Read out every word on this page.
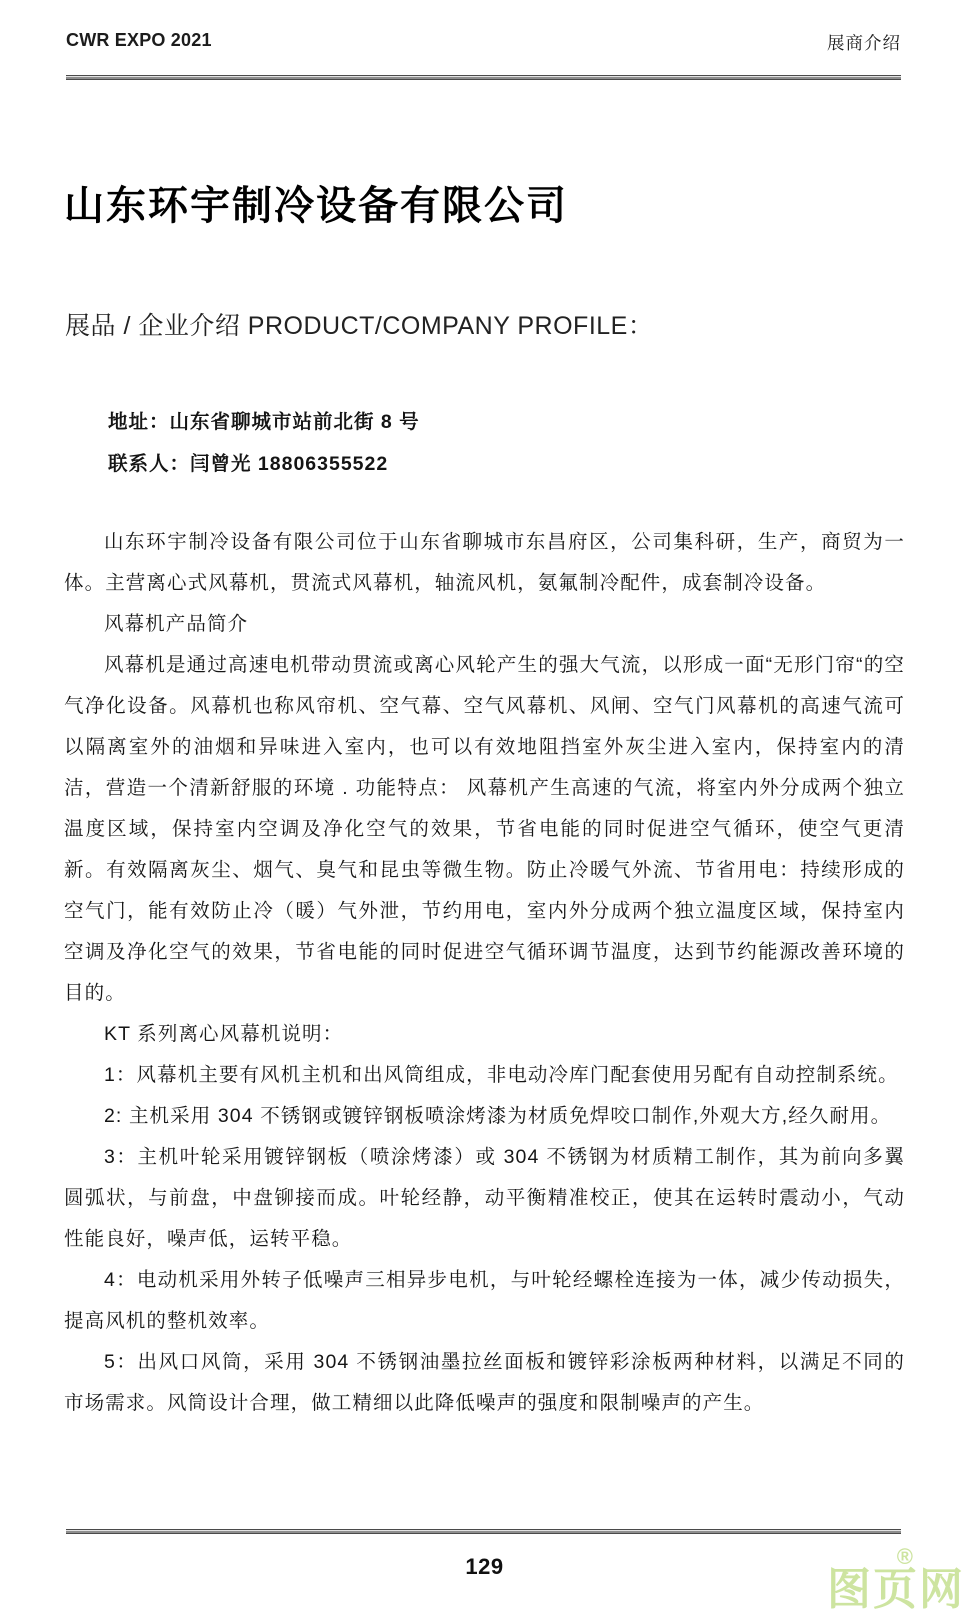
CWR EXPO 2021	展商介绍
山东环宇制冷设备有限公司
展品 / 企业介绍 PRODUCT/COMPANY PROFILE：
地址：山东省聊城市站前北街 8 号
联系人：闫曾光 18806355522

山东环宇制冷设备有限公司位于山东省聊城市东昌府区，公司集科研，生产，商贸为一体。主营离心式风幕机，贯流式风幕机，轴流风机，氨氟制冷配件，成套制冷设备。

风幕机产品简介

风幕机是通过高速电机带动贯流或离心风轮产生的强大气流，以形成一面“无形门帘“的空气净化设备。风幕机也称风帘机、空气幕、空气风幕机、风闸、空气门风幕机的高速气流可以隔离室外的油烟和异味进入室内，也可以有效地阻挡室外灰尘进入室内，保持室内的清洁，营造一个清新舒服的环境 . 功能特点： 风幕机产生高速的气流，将室内外分成两个独立温度区域，保持室内空调及净化空气的效果，节省电能的同时促进空气循环，使空气更清新。有效隔离灰尘、烟气、臭气和昆虫等微生物。防止冷暖气外流、节省用电：持续形成的空气门，能有效防止冷（暖）气外泄，节约用电，室内外分成两个独立温度区域，保持室内空调及净化空气的效果，节省电能的同时促进空气循环调节温度，达到节约能源改善环境的目的。

KT 系列离心风幕机说明：

1：风幕机主要有风机主机和出风筒组成，非电动冷库门配套使用另配有自动控制系统。

2: 主机采用 304 不锈钢或镀锌钢板喷涂烤漆为材质免焊咬口制作,外观大方,经久耐用。

3：主机叶轮采用镀锌钢板（喷涂烤漆）或 304 不锈钢为材质精工制作，其为前向多翼圆弧状，与前盘，中盘铆接而成。叶轮经静，动平衡精准校正，使其在运转时震动小，气动性能良好，噪声低，运转平稳。

4：电动机采用外转子低噪声三相异步电机，与叶轮经螺栓连接为一体，减少传动损失，提高风机的整机效率。

5：出风口风筒，采用 304 不锈钢油墨拉丝面板和镀锌彩涂板两种材料，以满足不同的市场需求。风筒设计合理，做工精细以此降低噪声的强度和限制噪声的产生。

129	®
图页网
